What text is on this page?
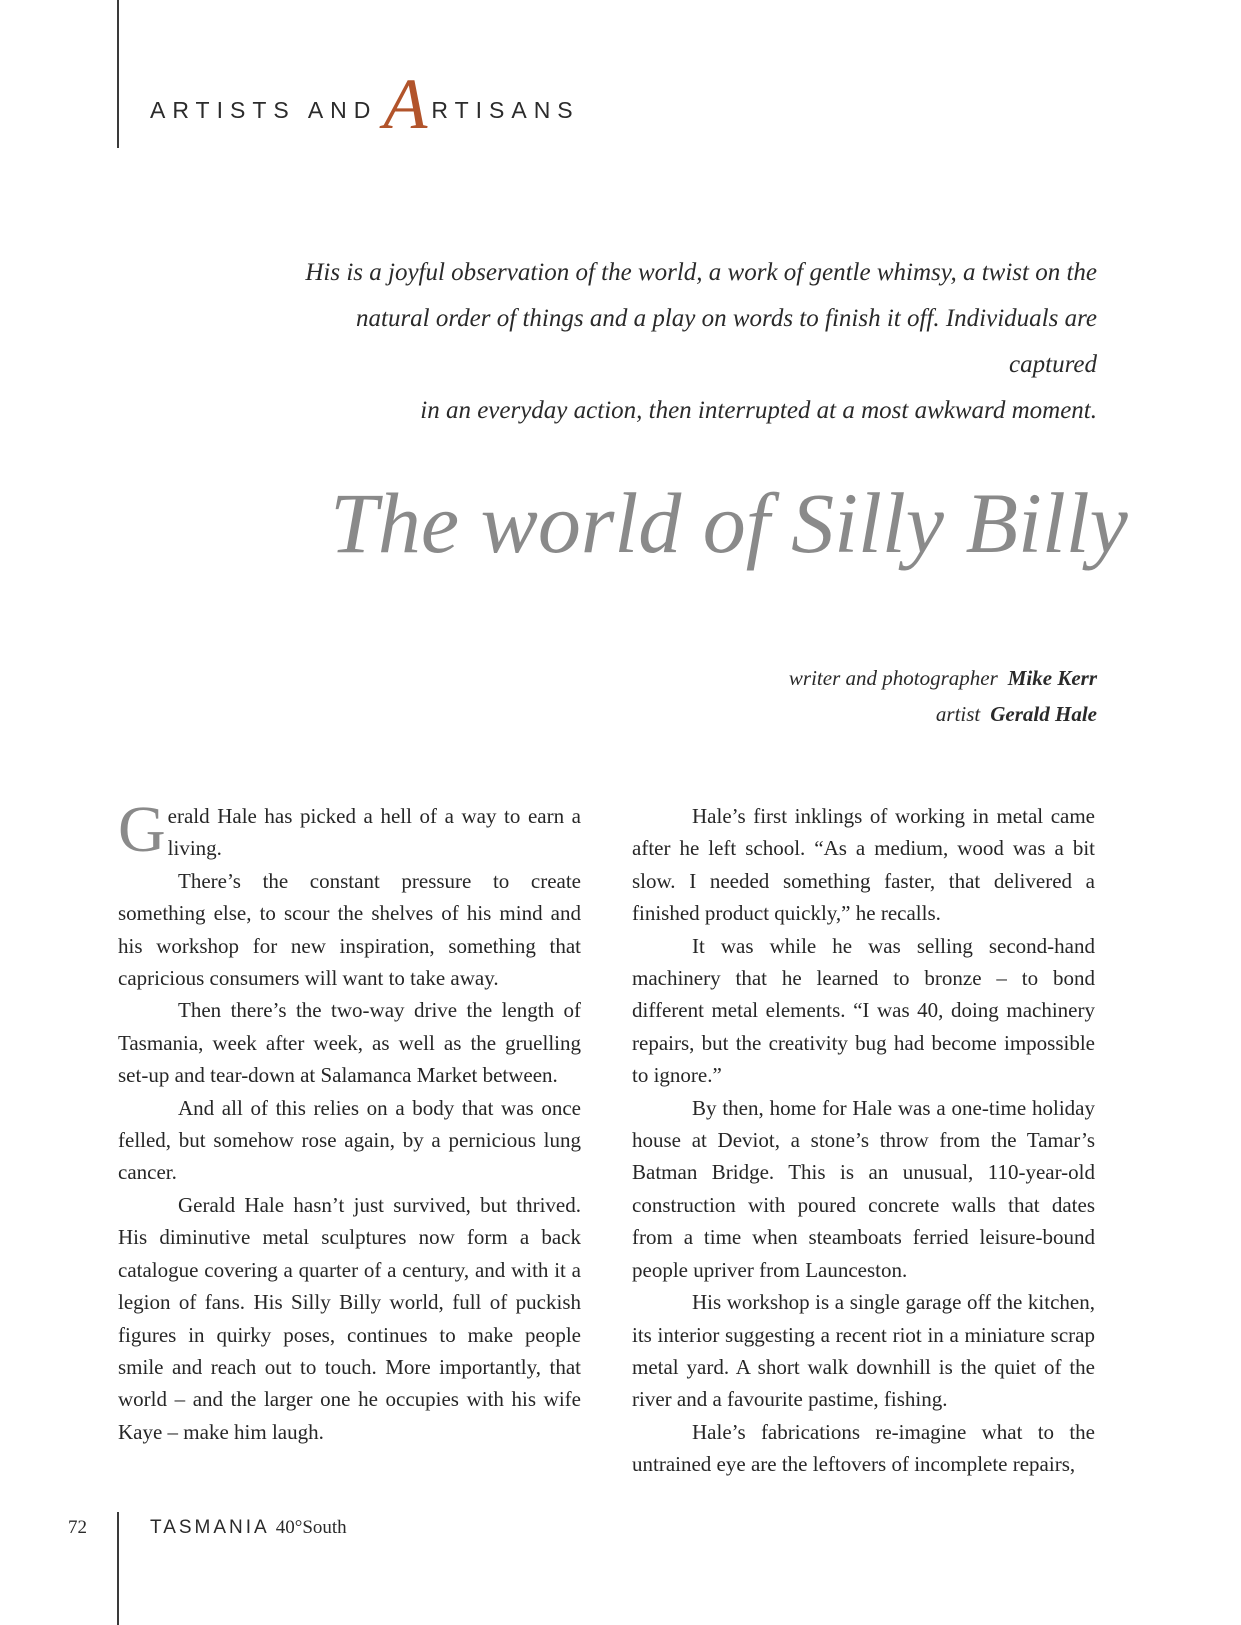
ARTISTS ANDA RTISANS
His is a joyful observation of the world, a work of gentle whimsy, a twist on the
natural order of things and a play on words to finish it off. Individuals are captured
in an everyday action, then interrupted at a most awkward moment.
The world of Silly Billy
writer and photographer Mike Kerr
artist Gerald Hale

Gerald Hale has picked a hell of a way to earn a living.

There’s the constant pressure to create something else, to scour the shelves of his mind and his workshop for new inspiration, something that capricious consumers will want to take away.

Then there’s the two-way drive the length of Tasmania, week after week, as well as the gruelling set-up and tear-down at Salamanca Market between.

And all of this relies on a body that was once felled, but somehow rose again, by a pernicious lung cancer.

Gerald Hale hasn’t just survived, but thrived. His diminutive metal sculptures now form a back catalogue covering a quarter of a century, and with it a legion of fans. His Silly Billy world, full of puckish figures in quirky poses, continues to make people smile and reach out to touch. More importantly, that world – and the larger one he occupies with his wife Kaye – make him laugh.

Hale’s first inklings of working in metal came after he left school. “As a medium, wood was a bit slow. I needed something faster, that delivered a finished product quickly,” he recalls.

It was while he was selling second-hand machinery that he learned to bronze – to bond different metal elements. “I was 40, doing machinery repairs, but the creativity bug had become impossible to ignore.”

By then, home for Hale was a one-time holiday house at Deviot, a stone’s throw from the Tamar’s Batman Bridge. This is an unusual, 110-year-old construction with poured concrete walls that dates from a time when steamboats ferried leisure-bound people upriver from Launceston.

His workshop is a single garage off the kitchen, its interior suggesting a recent riot in a miniature scrap metal yard. A short walk downhill is the quiet of the river and a favourite pastime, fishing.

Hale’s fabrications re-imagine what to the untrained eye are the leftovers of incomplete repairs,

72	TASMANIA 40°South
